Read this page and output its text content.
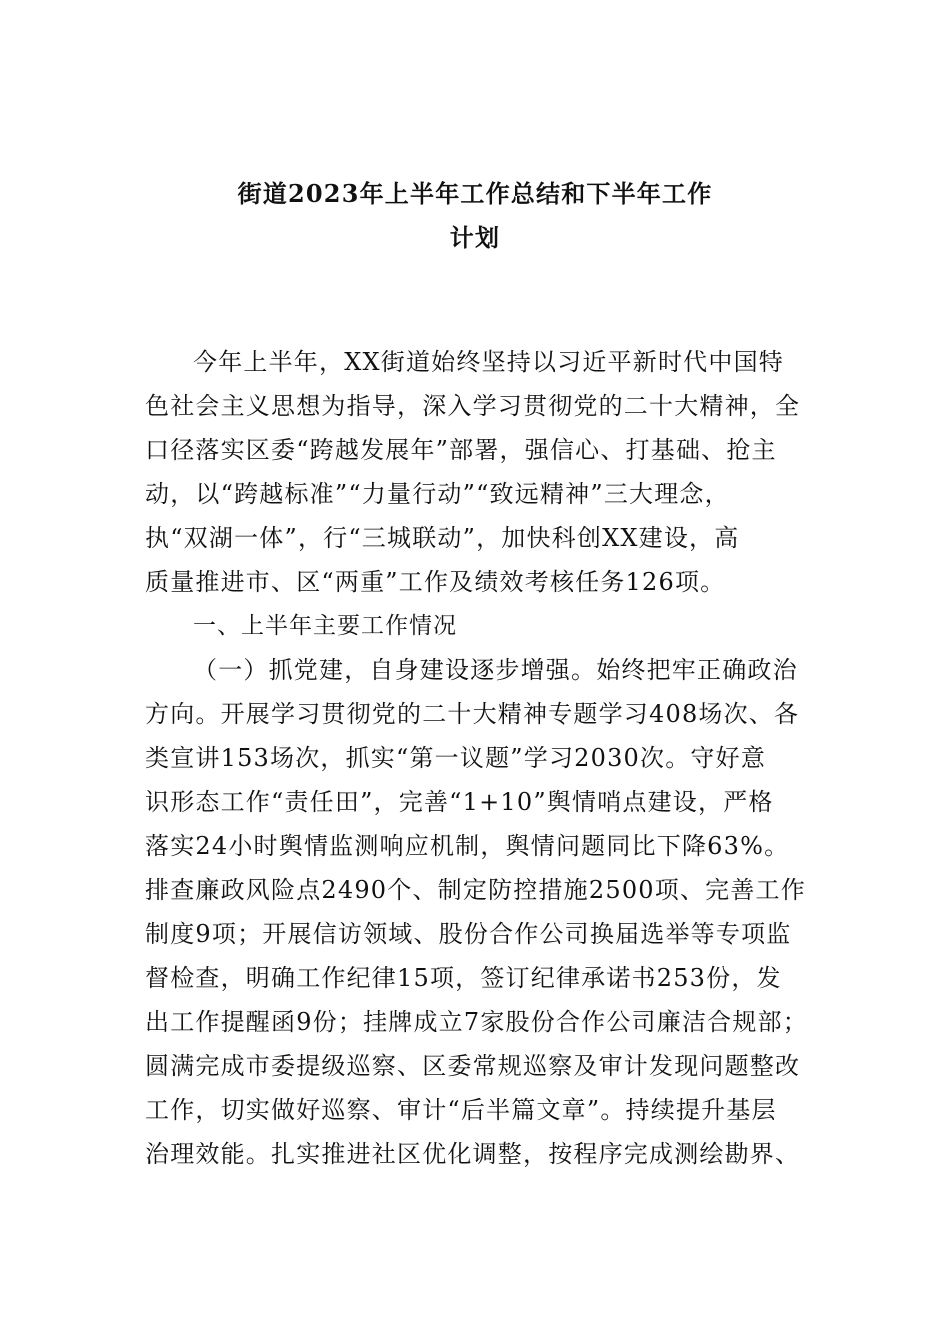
街道2023年上半年工作总结和下半年工作
计划
今年上半年，XX街道始终坚持以习近平新时代中国特
色社会主义思想为指导，深入学习贯彻党的二十大精神，全
口径落实区委“跨越发展年”部署，强信心、打基础、抢主
动，以“跨越标准”“力量行动”“致远精神”三大理念，
执“双湖一体”，行“三城联动”，加快科创XX建设，高
质量推进市、区“两重”工作及绩效考核任务126项。
一、上半年主要工作情况
（一）抓党建，自身建设逐步增强。始终把牢正确政治
方向。开展学习贯彻党的二十大精神专题学习408场次、各
类宣讲153场次，抓实“第一议题”学习2030次。守好意
识形态工作“责任田”，完善“1+10”舆情哨点建设，严格
落实24小时舆情监测响应机制，舆情问题同比下降63%。
排查廉政风险点2490个、制定防控措施2500项、完善工作
制度9项；开展信访领域、股份合作公司换届选举等专项监
督检查，明确工作纪律15项，签订纪律承诺书253份，发
出工作提醒函9份；挂牌成立7家股份合作公司廉洁合规部；
圆满完成市委提级巡察、区委常规巡察及审计发现问题整改
工作，切实做好巡察、审计“后半篇文章”。持续提升基层
治理效能。扎实推进社区优化调整，按程序完成测绘勘界、
